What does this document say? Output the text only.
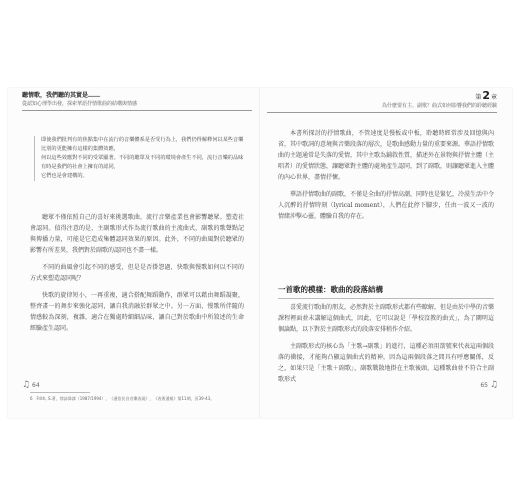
聽情歌，我們聽的其實是……
從認知心理學出發，探索華語抒情歌曲的結構與情感

即使我們批判有的焦點集中在流行的音樂體系是否受行為上，我們仍得解釋何以某些音樂比別的更能擁有這樣的集體效應，

何以這些效應對不同的受眾顯著。不同的聽眾及不同的環境會產生不同，流行音樂的品味有時是我們的社會上擁有的認同，

它們也是會建構的。

聽眾不僅依照自己的喜好來挑選歌曲，流行音樂產業也會影響聽眾。塑造社會認同。值得注意的是，主副歌形式作為流行歌曲的主流曲式，副歌的歌聲點記與傳播力量，可能是它造成集體認同效果的原因。此外，不同的曲風對於聽眾的影響有所差異，我們對於副歌的認同也不盡一樣。

不同的曲風會引起不同的感受，但是是否掛怨過，快歌與慢歌如何以不同的方式來塑造認同呢？

快歌的旋律短小，一再重複，適合搭配舞蹈動作，群眾可以藉由舞蹈凝聚，整齊畫一的舞步來強化認同，讓自我消融於群眾之中。另一方面，慢歌所伴隨的情感較為深刻，複雜，適合在獨處時細細品味，讓自己對於歌曲中所敘述的生命經驗產生認同。

6　Frith, S.著，徐詠偉譯（1987/1994），《通俗民音音樂表現》，《表術通報》第11期，頁39-43。
第2章
為什麼要有主、副歌？曲式如何影響我們的聆聽經驗

本書所探討的抒情歌曲，不管速度是慢板或中板，聆聽時經常涉及回憶與內省，其中歌詞的意境與音樂段落的層次，是歌曲感動力量的重要來源。華語抒情歌曲的主題通常是失落的愛情，其中主歌為鋪敘性質，描述外在景物與抒情主體（主唱者）的愛情狀態，讓聽眾對主體的處境產生認同，到了副歌，則讓聽眾進入主體的內心世界，盡情抒懷。

華語抒情歌曲的副歌，不僅是全曲的抒情高潮，同時也是緊忆，冷漠生活中令人沉醉的抒情時刻（lyrical moment），人們在此停下腳步，任由一波又一波的情緒沖擊心靈，體驗自我的存在。

一首歌的模樣：歌曲的段落結構

喜愛流行歌曲的朋友，必然對於主副歌形式都有些瞭解，但是由於中學的音樂課程裡面並未講解這個曲式，因此，它可以說是「學校沒教的曲式」，為了闡明這個論點，以下對於主副歌形式的段落安排稍作介紹。

主副歌形式的核心為「主歌→副歌」的進行，這種必須用箭號來代表這兩個段落的衝接，才能夠凸顯這個曲式的精神，因為這兩個段落之間具有呼應關係，反之，如果只是「主歌＋副歌」，副歌戰散地掛在主歌後頭，這種歌曲並不符合主副歌形式

♫ 64	65 ♫
